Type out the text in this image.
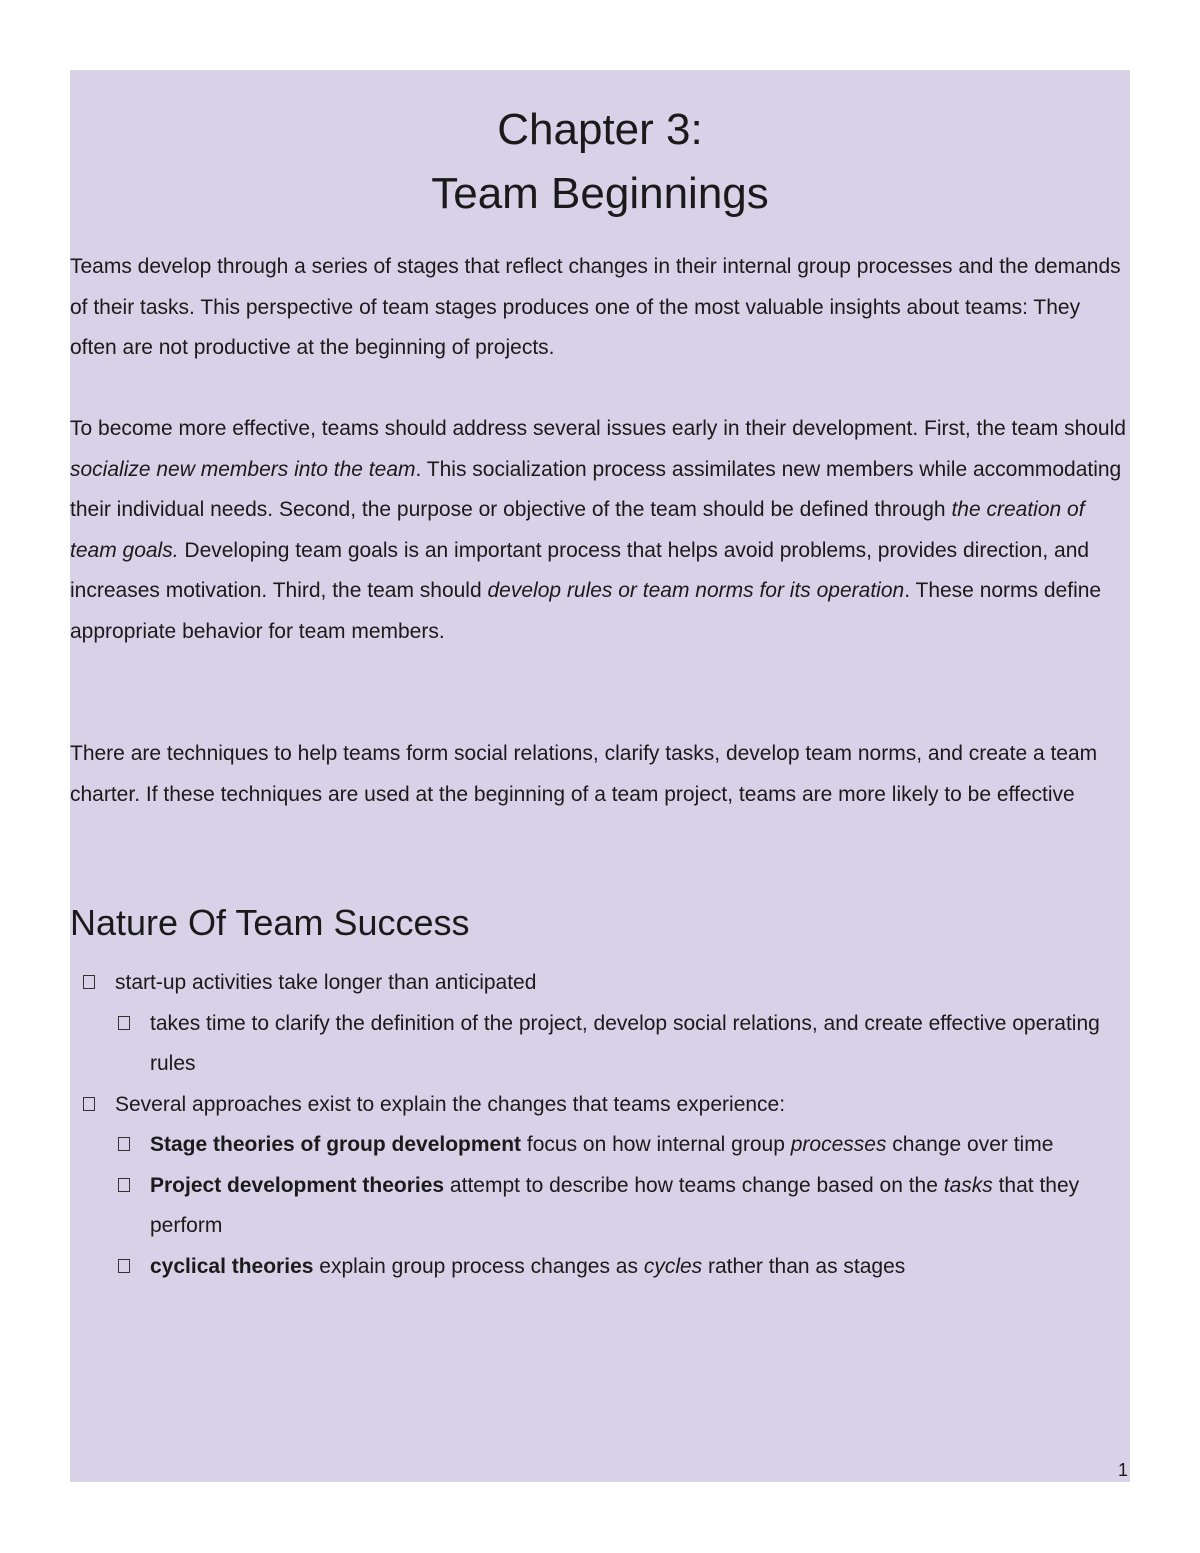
Chapter 3:
Team Beginnings

Teams develop through a series of stages that reflect changes in their internal group processes and the demands of their tasks. This perspective of team stages produces one of the most valuable insights about teams: They often are not productive at the beginning of projects.

To become more effective, teams should address several issues early in their development. First, the team should socialize new members into the team. This socialization process assimilates new members while accommodating their individual needs. Second, the purpose or objective of the team should be defined through the creation of team goals. Developing team goals is an important process that helps avoid problems, provides direction, and increases motivation. Third, the team should develop rules or team norms for its operation. These norms define appropriate behavior for team members.

There are techniques to help teams form social relations, clarify tasks, develop team norms, and create a team charter. If these techniques are used at the beginning of a team project, teams are more likely to be effective

Nature Of Team Success
start-up activities take longer than anticipated
takes time to clarify the definition of the project, develop social relations, and create effective operating rules
Several approaches exist to explain the changes that teams experience:
Stage theories of group development focus on how internal group processes change over time
Project development theories attempt to describe how teams change based on the tasks that they perform
cyclical theories explain group process changes as cycles rather than as stages
1
